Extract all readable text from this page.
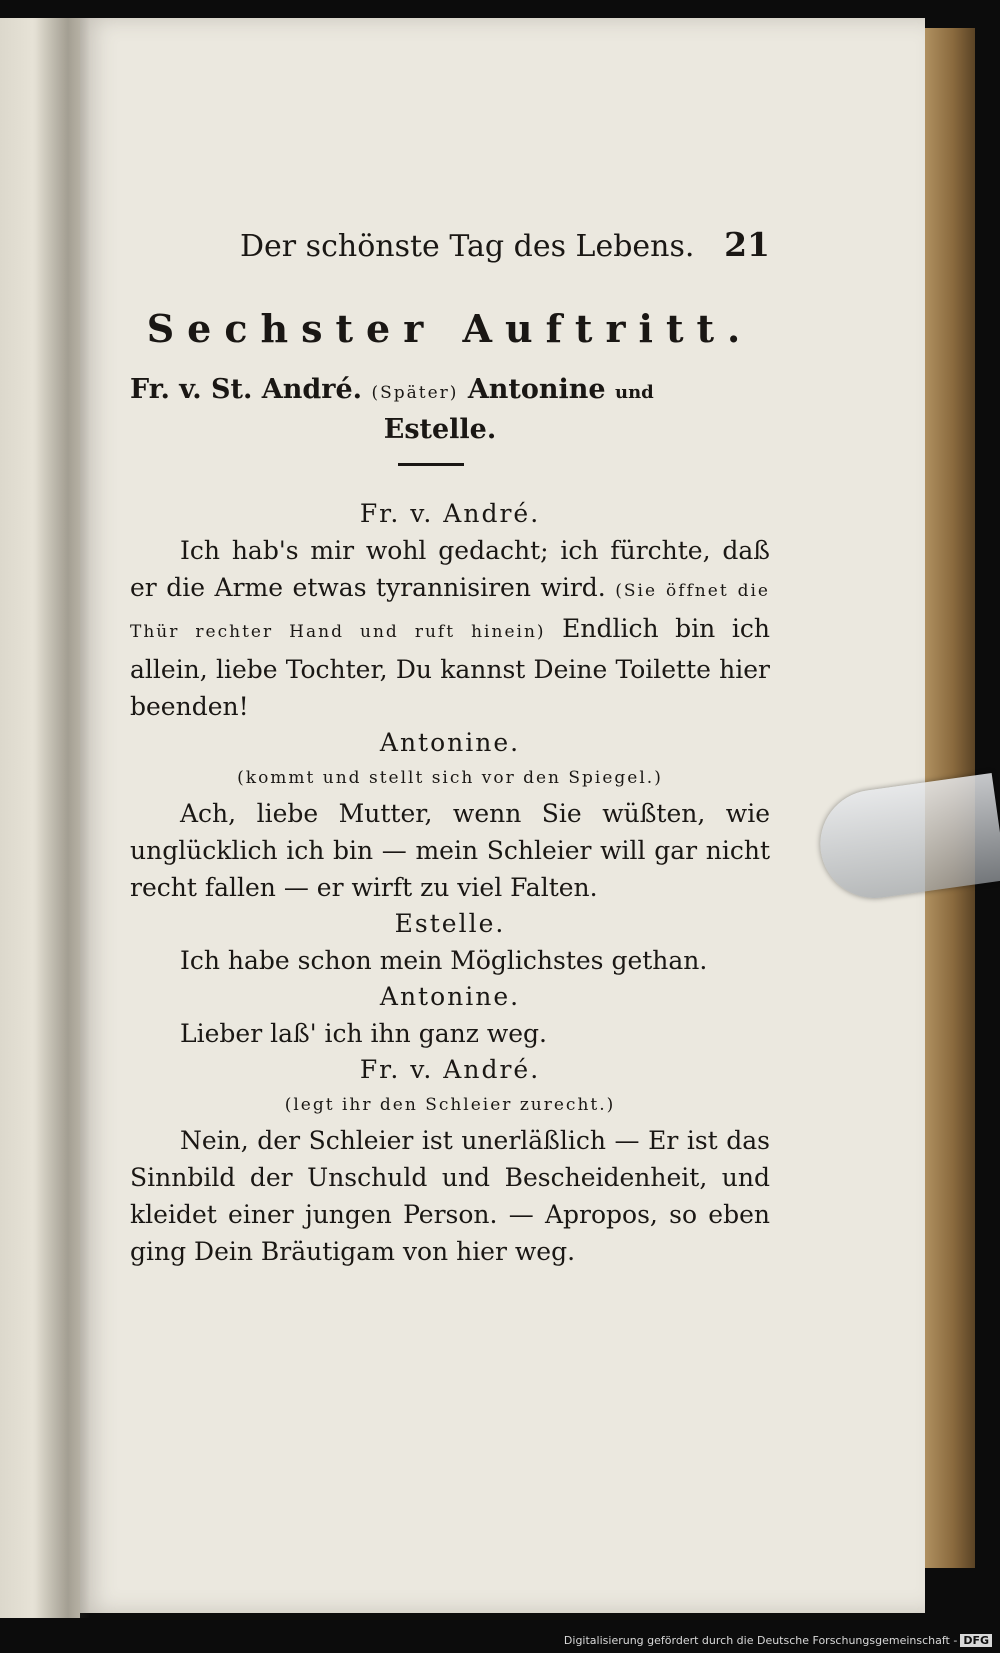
Der schönste Tag des Lebens. 21
Sechster Auftritt.
Fr. v. St. André. (Später) Antonine und
Estelle.
Fr. v. André.

Ich hab's mir wohl gedacht; ich fürchte, daß er die Arme etwas tyrannisiren wird. (Sie öffnet die Thür rechter Hand und ruft hinein) Endlich bin ich allein, liebe Tochter, Du kannst Deine Toilette hier beenden!

Antonine.
(kommt und stellt sich vor den Spiegel.)

Ach, liebe Mutter, wenn Sie wüßten, wie unglücklich ich bin — mein Schleier will gar nicht recht fallen — er wirft zu viel Falten.

Estelle.

Ich habe schon mein Möglichstes gethan.

Antonine.

Lieber laß' ich ihn ganz weg.

Fr. v. André.
(legt ihr den Schleier zurecht.)

Nein, der Schleier ist unerläßlich — Er ist das Sinnbild der Unschuld und Bescheidenheit, und kleidet einer jungen Person. — Apropos, so eben ging Dein Bräutigam von hier weg.

Digitalisierung gefördert durch die Deutsche Forschungsgemeinschaft - DFG
